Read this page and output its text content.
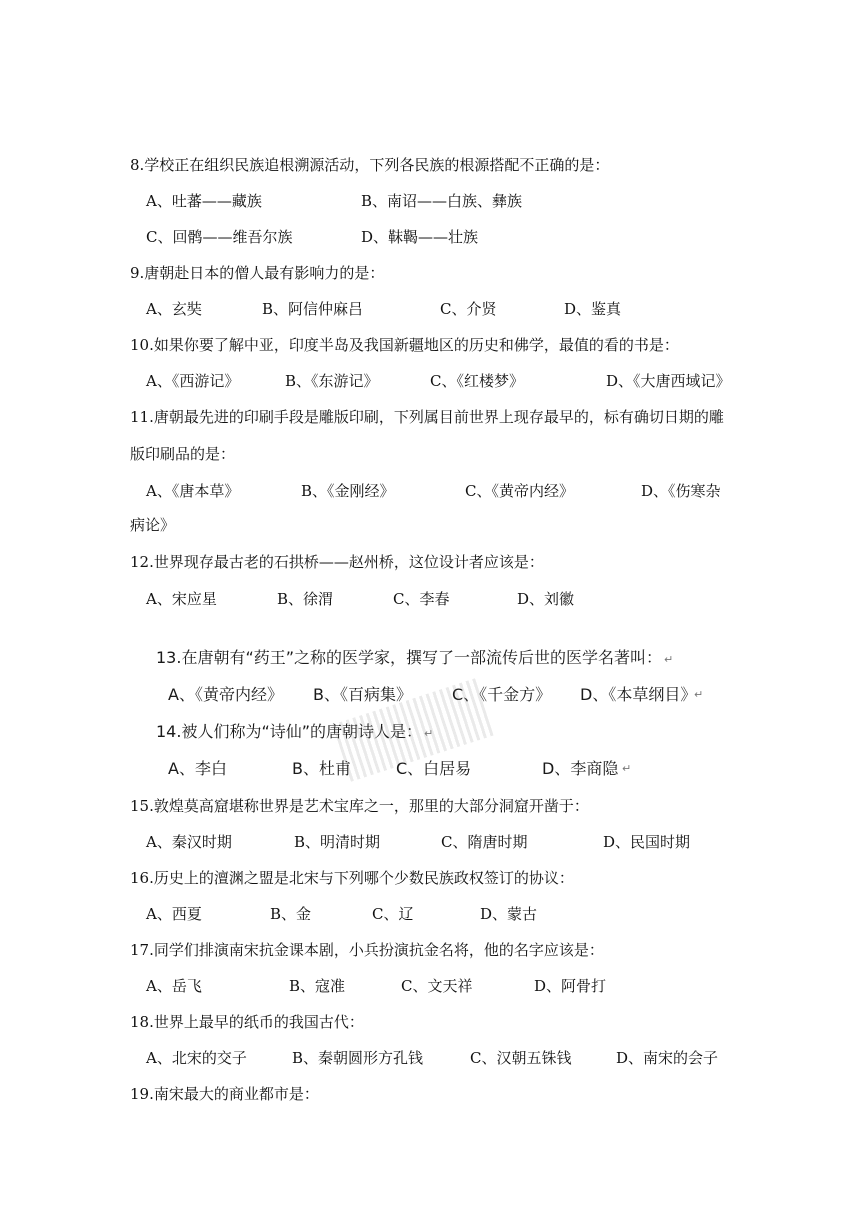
8.学校正在组织民族追根溯源活动，下列各民族的根源搭配不正确的是：
A、吐蕃——藏族	B、南诏——白族、彝族
C、回鹘——维吾尔族	D、靺鞨——壮族
9.唐朝赴日本的僧人最有影响力的是：
A、玄奘	B、阿信仲麻吕	C、介贤	D、鉴真
10.如果你要了解中亚，印度半岛及我国新疆地区的历史和佛学，最值的看的书是：
A、《西游记》	B、《东游记》	C、《红楼梦》	D、《大唐西域记》
11.唐朝最先进的印刷手段是雕版印刷，下列属目前世界上现存最早的，标有确切日期的雕
版印刷品的是：
A、《唐本草》	B、《金刚经》	C、《黄帝内经》	D、《伤寒杂
病论》
12.世界现存最古老的石拱桥——赵州桥，这位设计者应该是：
A、宋应星	B、徐渭	C、李春	D、刘徽
13.在唐朝有“药王”之称的医学家，撰写了一部流传后世的医学名著叫： ↵
A、《黄帝内经》 B、《百病集》	C、《千金方》 D、《本草纲目》
↵
14.被人们称为“诗仙”的唐朝诗人是： ↵
A、李白	B、杜甫	C、白居易	D、李商隐 ↵
15.敦煌莫高窟堪称世界是艺术宝库之一，那里的大部分洞窟开凿于：
A、秦汉时期	B、明清时期	C、隋唐时期	D、民国时期
16.历史上的澶渊之盟是北宋与下列哪个少数民族政权签订的协议：
A、西夏	B、金	C、辽	D、蒙古
17.同学们排演南宋抗金课本剧，小兵扮演抗金名将，他的名字应该是：
A、岳飞	B、寇准	C、文天祥	D、阿骨打
18.世界上最早的纸币的我国古代：
A、北宋的交子	B、秦朝圆形方孔钱	C、汉朝五铢钱	D、南宋的会子
19.南宋最大的商业都市是：
